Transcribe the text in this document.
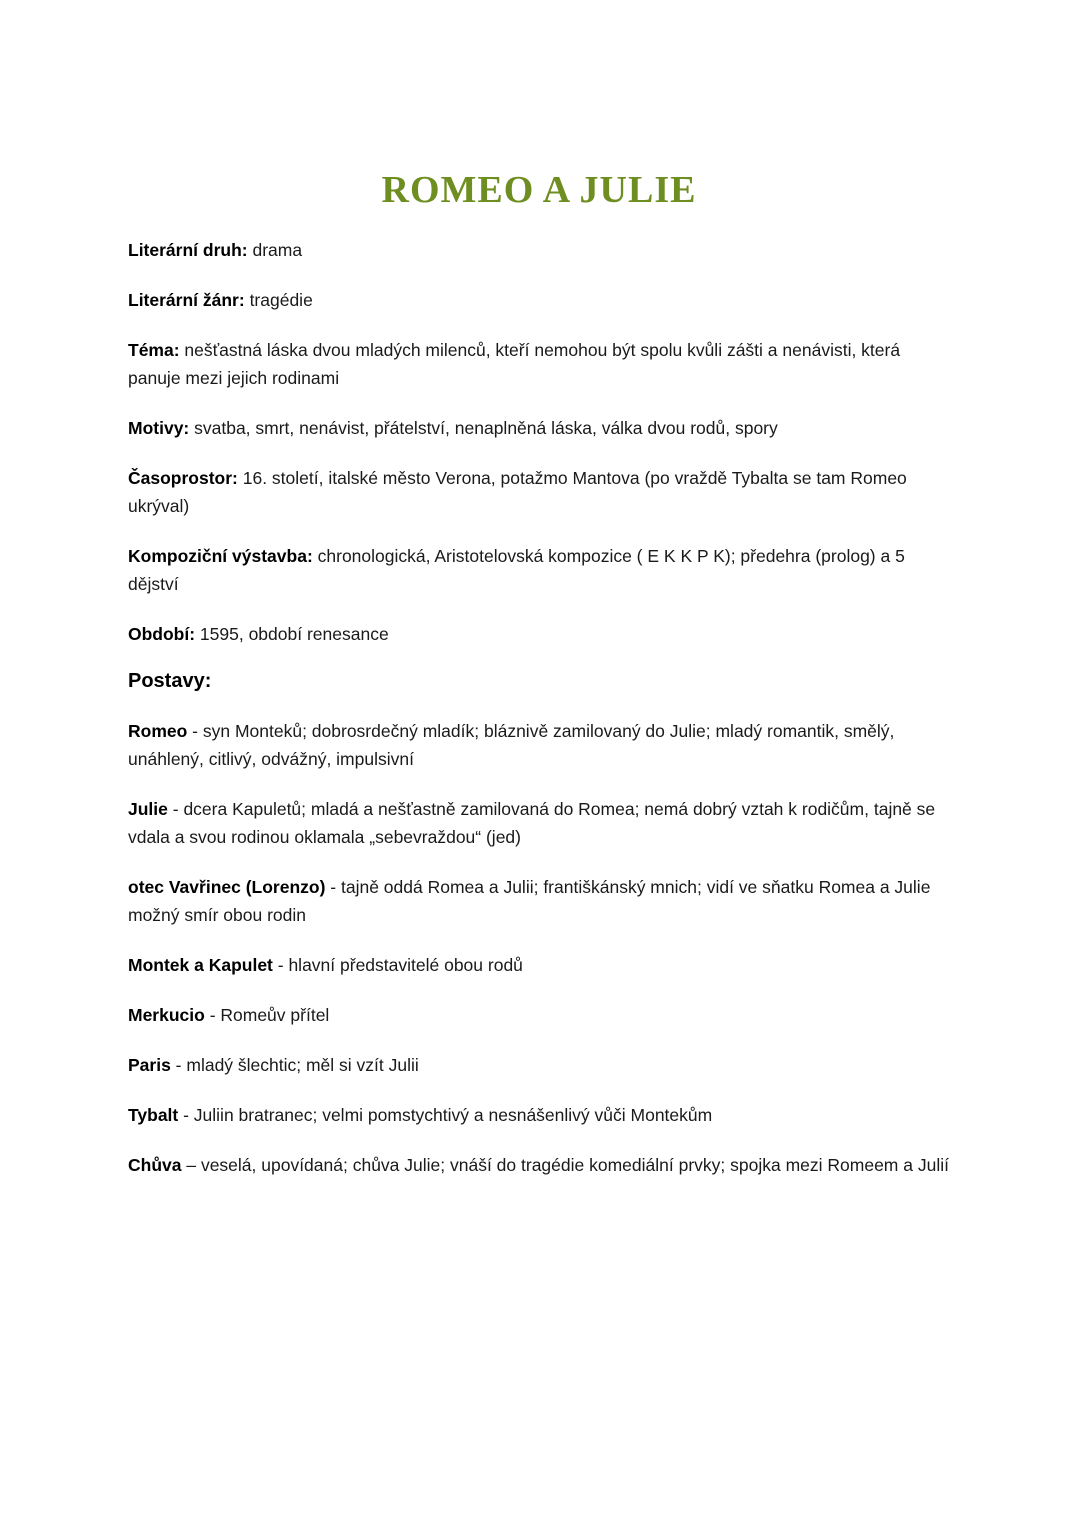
ROMEO A JULIE

Literární druh: drama

Literární žánr: tragédie

Téma: nešťastná láska dvou mladých milenců, kteří nemohou být spolu kvůli zášti a nenávisti, která panuje mezi jejich rodinami

Motivy: svatba, smrt, nenávist, přátelství, nenaplněná láska, válka dvou rodů, spory

Časoprostor: 16. století, italské město Verona, potažmo Mantova (po vraždě Tybalta se tam Romeo ukrýval)

Kompoziční výstavba: chronologická, Aristotelovská kompozice ( E K K P K); předehra (prolog) a 5 dějství

Období: 1595, období renesance

Postavy:

Romeo - syn Monteků; dobrosrdečný mladík; bláznivě zamilovaný do Julie; mladý romantik, smělý, unáhlený, citlivý, odvážný, impulsivní

Julie - dcera Kapuletů; mladá a nešťastně zamilovaná do Romea; nemá dobrý vztah k rodičům, tajně se vdala a svou rodinou oklamala „sebevraždou“ (jed)

otec Vavřinec (Lorenzo) - tajně oddá Romea a Julii; františkánský mnich; vidí ve sňatku Romea a Julie možný smír obou rodin

Montek a Kapulet - hlavní představitelé obou rodů

Merkucio - Romeův přítel

Paris - mladý šlechtic; měl si vzít Julii

Tybalt - Juliin bratranec; velmi pomstychtivý a nesnášenlivý vůči Montekům

Chůva – veselá, upovídaná; chůva Julie; vnáší do tragédie komediální prvky; spojka mezi Romeem a Julií
